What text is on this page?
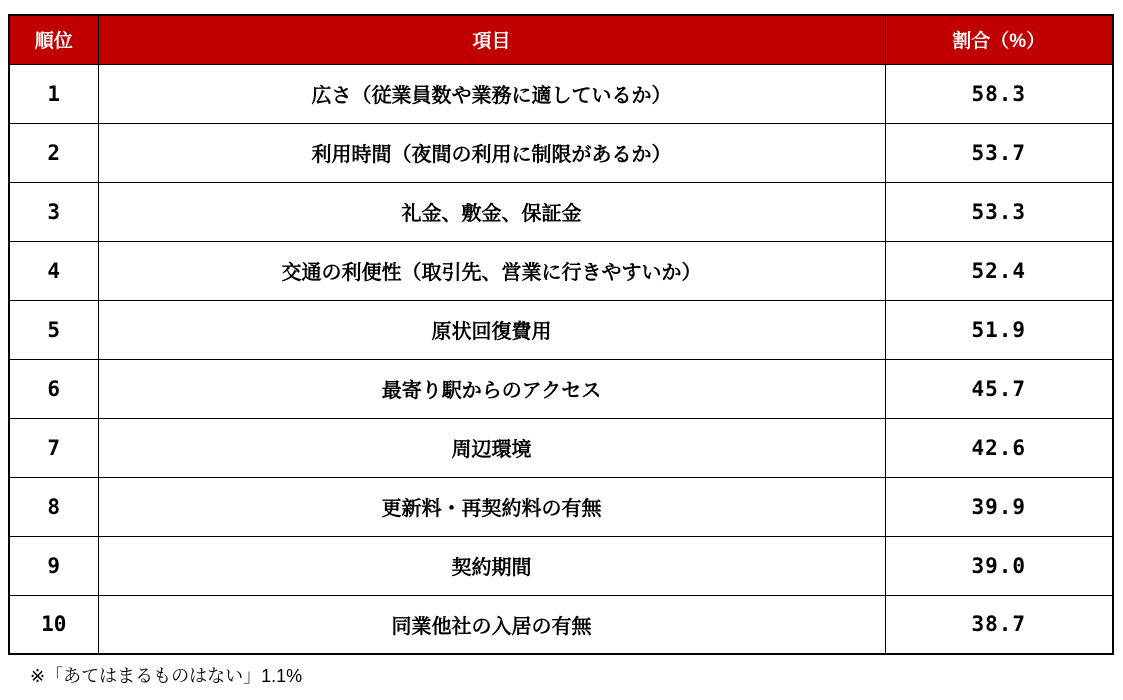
順位	項目	割合（%）
1	広さ（従業員数や業務に適しているか）	58.3
2	利用時間（夜間の利用に制限があるか）	53.7
3	礼金、敷金、保証金	53.3
4	交通の利便性（取引先、営業に行きやすいか）	52.4
5	原状回復費用	51.9
6	最寄り駅からのアクセス	45.7
7	周辺環境	42.6
8	更新料・再契約料の有無	39.9
9	契約期間	39.0
10	同業他社の入居の有無	38.7
※「あてはまるものはない」1.1%
